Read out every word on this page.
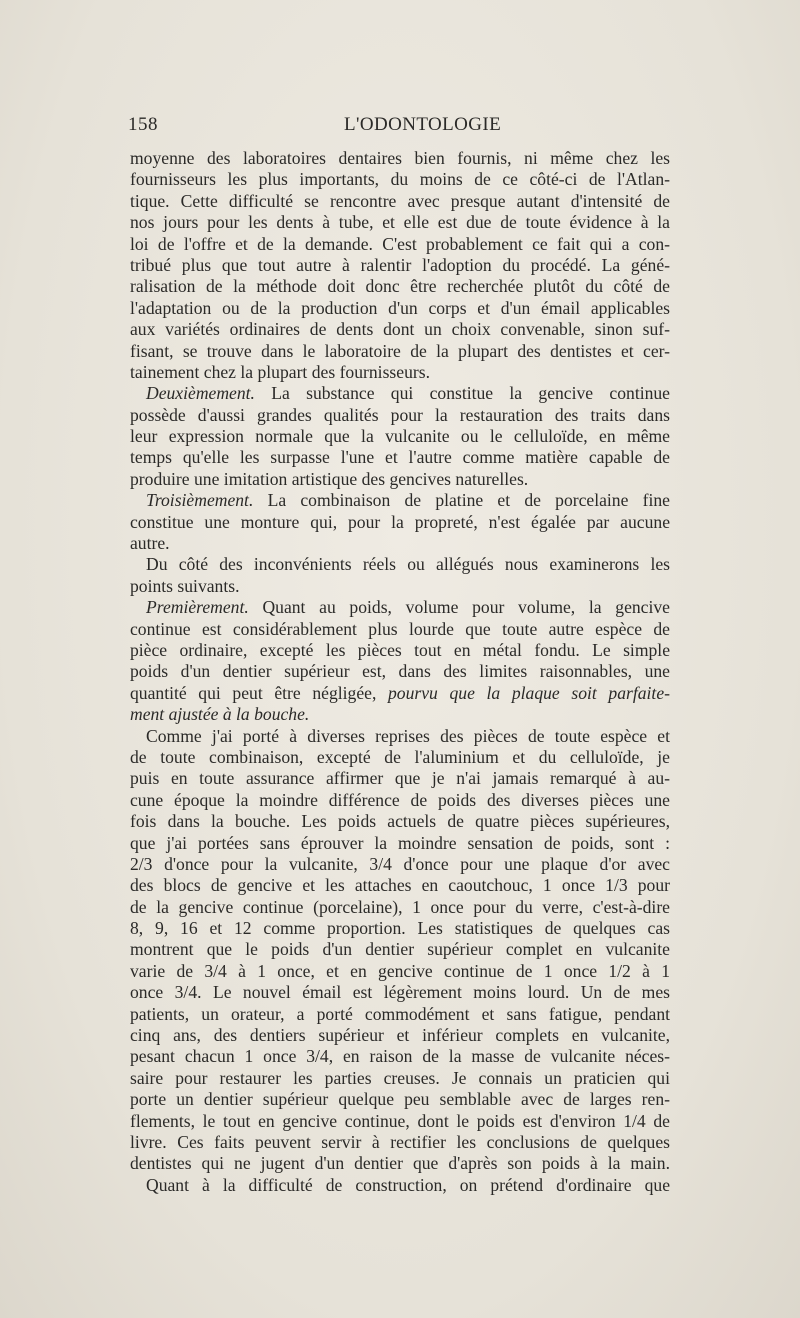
158	L'ODONTOLOGIE
moyenne des laboratoires dentaires bien fournis, ni même chez les
fournisseurs les plus importants, du moins de ce côté-ci de l'Atlan-
tique. Cette difficulté se rencontre avec presque autant d'intensité de
nos jours pour les dents à tube, et elle est due de toute évidence à la
loi de l'offre et de la demande. C'est probablement ce fait qui a con-
tribué plus que tout autre à ralentir l'adoption du procédé. La géné-
ralisation de la méthode doit donc être recherchée plutôt du côté de
l'adaptation ou de la production d'un corps et d'un émail applicables
aux variétés ordinaires de dents dont un choix convenable, sinon suf-
fisant, se trouve dans le laboratoire de la plupart des dentistes et cer-
tainement chez la plupart des fournisseurs.
Deuxièmement. La substance qui constitue la gencive continue
possède d'aussi grandes qualités pour la restauration des traits dans
leur expression normale que la vulcanite ou le celluloïde, en même
temps qu'elle les surpasse l'une et l'autre comme matière capable de
produire une imitation artistique des gencives naturelles.
Troisièmement. La combinaison de platine et de porcelaine fine
constitue une monture qui, pour la propreté, n'est égalée par aucune
autre.
Du côté des inconvénients réels ou allégués nous examinerons les
points suivants.
Premièrement. Quant au poids, volume pour volume, la gencive
continue est considérablement plus lourde que toute autre espèce de
pièce ordinaire, excepté les pièces tout en métal fondu. Le simple
poids d'un dentier supérieur est, dans des limites raisonnables, une
quantité qui peut être négligée, pourvu que la plaque soit parfaite-
ment ajustée à la bouche.
Comme j'ai porté à diverses reprises des pièces de toute espèce et
de toute combinaison, excepté de l'aluminium et du celluloïde, je
puis en toute assurance affirmer que je n'ai jamais remarqué à au-
cune époque la moindre différence de poids des diverses pièces une
fois dans la bouche. Les poids actuels de quatre pièces supérieures,
que j'ai portées sans éprouver la moindre sensation de poids, sont :
2/3 d'once pour la vulcanite, 3/4 d'once pour une plaque d'or avec
des blocs de gencive et les attaches en caoutchouc, 1 once 1/3 pour
de la gencive continue (porcelaine), 1 once pour du verre, c'est-à-dire
8, 9, 16 et 12 comme proportion. Les statistiques de quelques cas
montrent que le poids d'un dentier supérieur complet en vulcanite
varie de 3/4 à 1 once, et en gencive continue de 1 once 1/2 à 1
once 3/4. Le nouvel émail est légèrement moins lourd. Un de mes
patients, un orateur, a porté commodément et sans fatigue, pendant
cinq ans, des dentiers supérieur et inférieur complets en vulcanite,
pesant chacun 1 once 3/4, en raison de la masse de vulcanite néces-
saire pour restaurer les parties creuses. Je connais un praticien qui
porte un dentier supérieur quelque peu semblable avec de larges ren-
flements, le tout en gencive continue, dont le poids est d'environ 1/4 de
livre. Ces faits peuvent servir à rectifier les conclusions de quelques
dentistes qui ne jugent d'un dentier que d'après son poids à la main.
Quant à la difficulté de construction, on prétend d'ordinaire que
